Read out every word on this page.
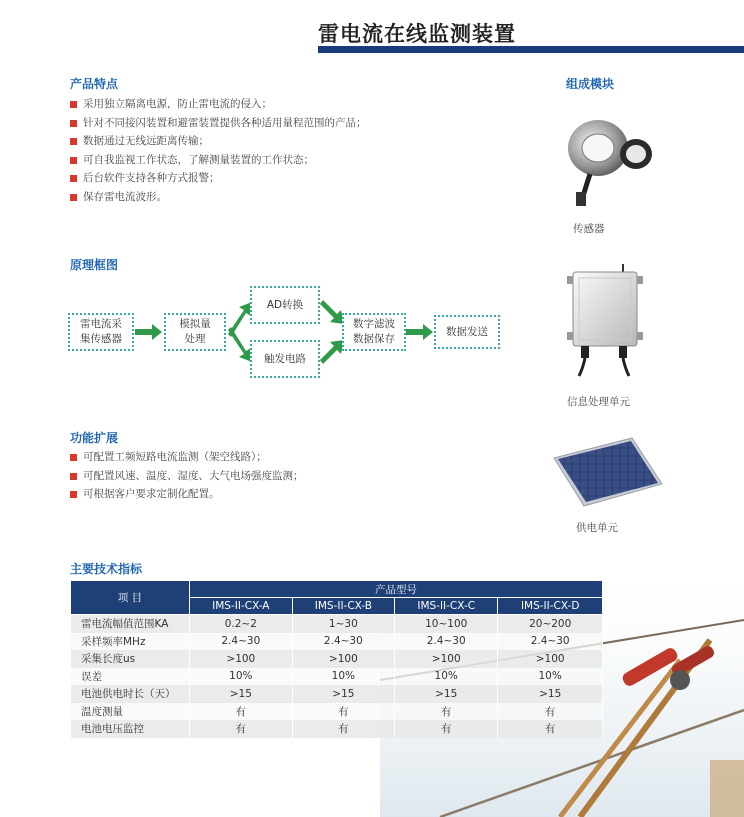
雷电流在线监测装置
产品特点
采用独立隔离电源，防止雷电流的侵入；
针对不同接闪装置和避雷装置提供各种适用量程范围的产品；
数据通过无线远距离传输；
可自我监视工作状态，了解测量装置的工作状态；
后台软件支持各种方式报警；
保存雷电流波形。
原理框图
雷电流采
集传感器
模拟量
处理
AD转换
触发电路
数字滤波
数据保存
数据发送
功能扩展
可配置工频短路电流监测（架空线路）；
可配置风速、温度、湿度、大气电场强度监测；
可根据客户要求定制化配置。
组成模块
传感器
信息处理单元
供电单元
主要技术指标
项 目	产品型号			
	IMS-II-CX-A	IMS-II-CX-B	IMS-II-CX-C	IMS-II-CX-D
雷电流幅值范围KA	0.2~2	1~30	10~100	20~200
采样频率MHz	2.4~30	2.4~30	2.4~30	2.4~30
采集长度us	>100	>100	>100	>100
误差	10%	10%	10%	10%
电池供电时长（天）	>15	>15	>15	>15
温度测量	有	有	有	有
电池电压监控	有	有	有	有
